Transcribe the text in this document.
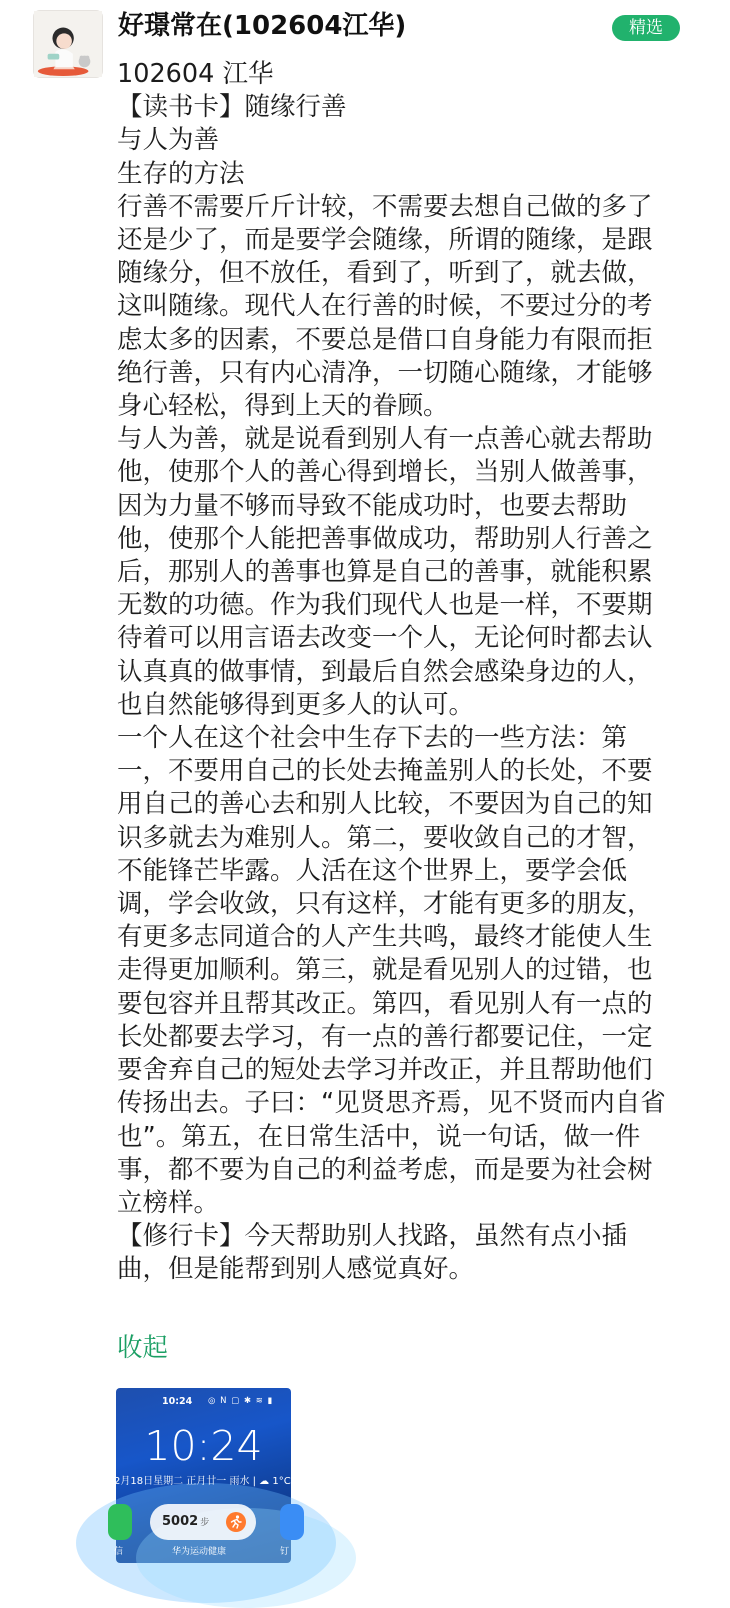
好璟常在(102604江华)	精选

102604 江华

【读书卡】随缘行善

与人为善

生存的方法

行善不需要斤斤计较，不需要去想自己做的多了还是少了，而是要学会随缘，所谓的随缘，是跟随缘分，但不放任，看到了，听到了，就去做，这叫随缘。现代人在行善的时候，不要过分的考虑太多的因素，不要总是借口自身能力有限而拒绝行善，只有内心清净，一切随心随缘，才能够身心轻松，得到上天的眷顾。

与人为善，就是说看到别人有一点善心就去帮助他，使那个人的善心得到增长，当别人做善事，因为力量不够而导致不能成功时，也要去帮助他，使那个人能把善事做成功，帮助别人行善之后，那别人的善事也算是自己的善事，就能积累无数的功德。作为我们现代人也是一样，不要期待着可以用言语去改变一个人，无论何时都去认认真真的做事情，到最后自然会感染身边的人，也自然能够得到更多人的认可。

一个人在这个社会中生存下去的一些方法：第一，不要用自己的长处去掩盖别人的长处，不要用自己的善心去和别人比较，不要因为自己的知识多就去为难别人。第二，要收敛自己的才智，不能锋芒毕露。人活在这个世界上，要学会低调，学会收敛，只有这样，才能有更多的朋友，有更多志同道合的人产生共鸣，最终才能使人生走得更加顺利。第三，就是看见别人的过错，也要包容并且帮其改正。第四，看见别人有一点的长处都要去学习，有一点的善行都要记住，一定要舍弃自己的短处去学习并改正，并且帮助他们传扬出去。子曰：“见贤思齐焉，见不贤而内自省也”。第五，在日常生活中，说一句话，做一件事，都不要为自己的利益考虑，而是要为社会树立榜样。

【修行卡】今天帮助别人找路，虽然有点小插曲，但是能帮到别人感觉真好。

收起
10:24 ◎ N ▢ ✱ ≋ ▮
10:24
2月18日星期二 正月廿一 雨水 | ☁ 1°C
5002 步
信	华为运动健康	钉
